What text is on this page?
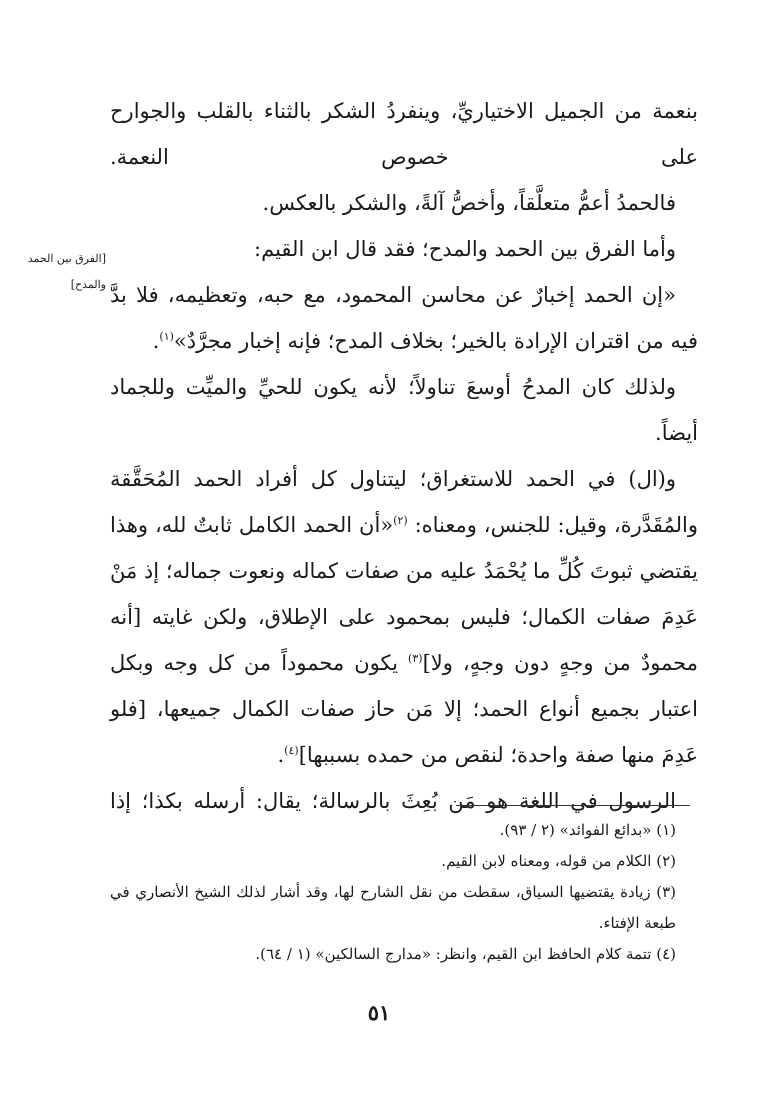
[الفرق بين الحمد والمدح]

بنعمة من الجميل الاختياريِّ، وينفردُ الشكر بالثناء بالقلب والجوارح على خصوص النعمة.

فالحمدُ أعمُّ متعلَّقاً، وأخصُّ آلةً، والشكر بالعكس.

وأما الفرق بين الحمد والمدح؛ فقد قال ابن القيم:

«إن الحمد إخبارٌ عن محاسن المحمود، مع حبه، وتعظيمه، فلا بدَّ فيه من اقتران الإرادة بالخير؛ بخلاف المدح؛ فإنه إخبار مجرَّدٌ»$^{(١)}$.

ولذلك كان المدحُ أوسعَ تناولاً؛ لأنه يكون للحيِّ والميِّت وللجماد أيضاً.

و(ال) في الحمد للاستغراق؛ ليتناول كل أفراد الحمد المُحَقَّقة والمُقَدَّرة، وقيل: للجنس، ومعناه: $^{(٢)}$«أن الحمد الكامل ثابتٌ لله، وهذا يقتضي ثبوتَ كُلِّ ما يُحْمَدُ عليه من صفات كماله ونعوت جماله؛ إذ مَنْ عَدِمَ صفات الكمال؛ فليس بمحمود على الإطلاق، ولكن غايته [أنه محمودٌ من وجهٍ دون وجهٍ، ولا]$^{(٣)}$ يكون محموداً من كل وجه وبكل اعتبار بجميع أنواع الحمد؛ إلا مَن حاز صفات الكمال جميعها، [فلو عَدِمَ منها صفة واحدة؛ لنقص من حمده بسببها]$^{(٤)}$.

الرسول في اللغة هو مَن بُعِثَ بالرسالة؛ يقال: أرسله بكذا؛ إذا

(١) «بدائع الفوائد» (٢ / ٩٣).

(٢) الكلام من قوله، ومعناه لابن القيم.

(٣) زيادة يقتضيها السياق، سقطت من نقل الشارح لها، وقد أشار لذلك الشيخ الأنصاري في طبعة الإفتاء.

(٤) تتمة كلام الحافظ ابن القيم، وانظر: «مدارج السالكين» (١ / ٦٤).

٥١
